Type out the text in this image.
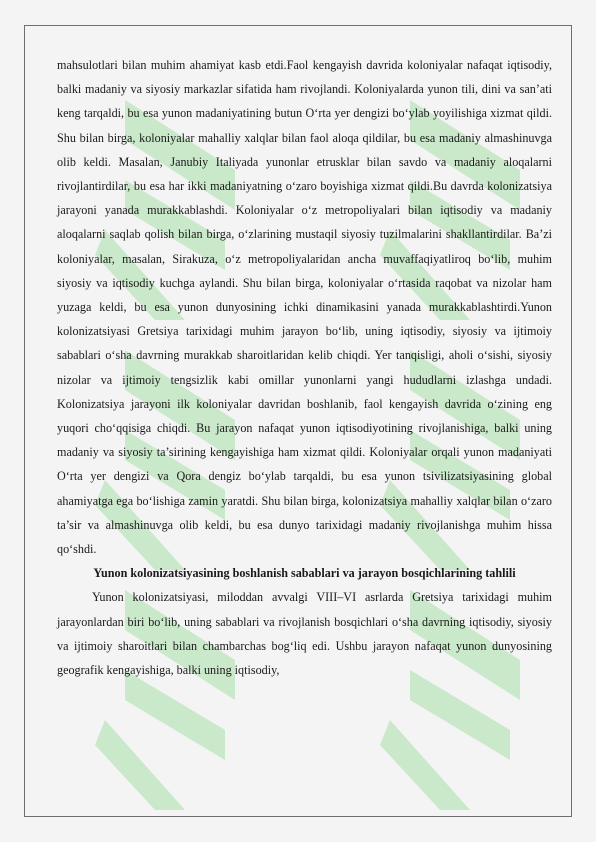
mahsulotlari bilan muhim ahamiyat kasb etdi.Faol kengayish davrida koloniyalar nafaqat iqtisodiy, balki madaniy va siyosiy markazlar sifatida ham rivojlandi. Koloniyalarda yunon tili, dini va san’ati keng tarqaldi, bu esa yunon madaniyatining butun O‘rta yer dengizi bo‘ylab yoyilishiga xizmat qildi. Shu bilan birga, koloniyalar mahalliy xalqlar bilan faol aloqa qildilar, bu esa madaniy almashinuvga olib keldi. Masalan, Janubiy Italiyada yunonlar etrusklar bilan savdo va madaniy aloqalarni rivojlantirdilar, bu esa har ikki madaniyatning o‘zaro boyishiga xizmat qildi.Bu davrda kolonizatsiya jarayoni yanada murakkablashdi. Koloniyalar o‘z metropoliyalari bilan iqtisodiy va madaniy aloqalarni saqlab qolish bilan birga, o‘zlarining mustaqil siyosiy tuzilmalarini shakllantirdilar. Ba’zi koloniyalar, masalan, Sirakuza, o‘z metropoliyalaridan ancha muvaffaqiyatliroq bo‘lib, muhim siyosiy va iqtisodiy kuchga aylandi. Shu bilan birga, koloniyalar o‘rtasida raqobat va nizolar ham yuzaga keldi, bu esa yunon dunyosining ichki dinamikasini yanada murakkablashtirdi.Yunon kolonizatsiyasi Gretsiya tarixidagi muhim jarayon bo‘lib, uning iqtisodiy, siyosiy va ijtimoiy sabablari o‘sha davrning murakkab sharoitlaridan kelib chiqdi. Yer tanqisligi, aholi o‘sishi, siyosiy nizolar va ijtimoiy tengsizlik kabi omillar yunonlarni yangi hududlarni izlashga undadi. Kolonizatsiya jarayoni ilk koloniyalar davridan boshlanib, faol kengayish davrida o‘zining eng yuqori cho‘qqisiga chiqdi. Bu jarayon nafaqat yunon iqtisodiyotining rivojlanishiga, balki uning madaniy va siyosiy ta’sirining kengayishiga ham xizmat qildi. Koloniyalar orqali yunon madaniyati O‘rta yer dengizi va Qora dengiz bo‘ylab tarqaldi, bu esa yunon tsivilizatsiyasining global ahamiyatga ega bo‘lishiga zamin yaratdi. Shu bilan birga, kolonizatsiya mahalliy xalqlar bilan o‘zaro ta’sir va almashinuvga olib keldi, bu esa dunyo tarixidagi madaniy rivojlanishga muhim hissa qo‘shdi.

Yunon kolonizatsiyasining boshlanish sabablari va jarayon bosqichlarining tahlili

Yunon kolonizatsiyasi, miloddan avvalgi VIII–VI asrlarda Gretsiya tarixidagi muhim jarayonlardan biri bo‘lib, uning sabablari va rivojlanish bosqichlari o‘sha davrning iqtisodiy, siyosiy va ijtimoiy sharoitlari bilan chambarchas bog‘liq edi. Ushbu jarayon nafaqat yunon dunyosining geografik kengayishiga, balki uning iqtisodiy,
